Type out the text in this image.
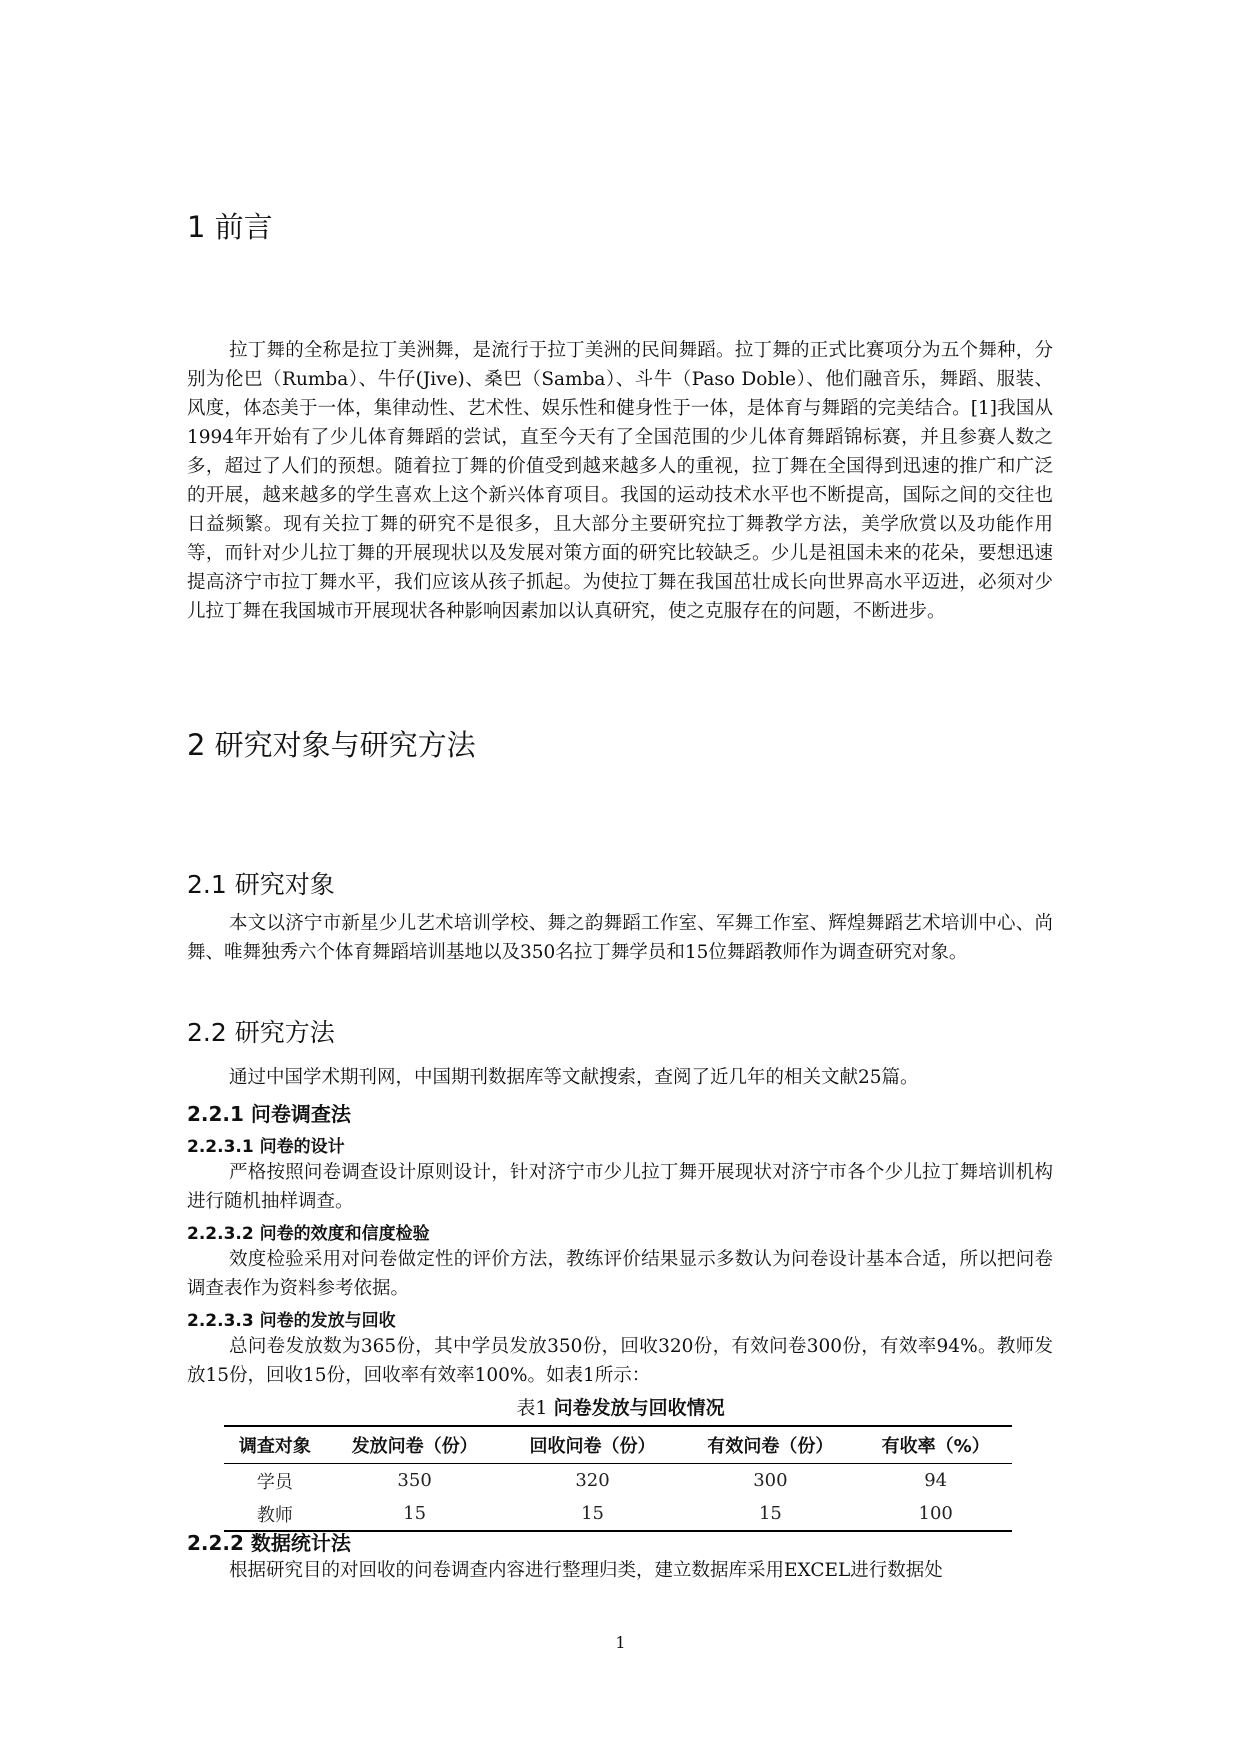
1 前言

拉丁舞的全称是拉丁美洲舞，是流行于拉丁美洲的民间舞蹈。拉丁舞的正式比赛项分为五个舞种，分别为伦巴（Rumba）、牛仔(Jive)、桑巴（Samba）、斗牛（Paso Doble）、他们融音乐，舞蹈、服装、风度，体态美于一体，集律动性、艺术性、娱乐性和健身性于一体，是体育与舞蹈的完美结合。[1]我国从1994年开始有了少儿体育舞蹈的尝试，直至今天有了全国范围的少儿体育舞蹈锦标赛，并且参赛人数之多，超过了人们的预想。随着拉丁舞的价值受到越来越多人的重视，拉丁舞在全国得到迅速的推广和广泛的开展，越来越多的学生喜欢上这个新兴体育项目。我国的运动技术水平也不断提高，国际之间的交往也日益频繁。现有关拉丁舞的研究不是很多，且大部分主要研究拉丁舞教学方法，美学欣赏以及功能作用等，而针对少儿拉丁舞的开展现状以及发展对策方面的研究比较缺乏。少儿是祖国未来的花朵，要想迅速提高济宁市拉丁舞水平，我们应该从孩子抓起。为使拉丁舞在我国茁壮成长向世界高水平迈进，必须对少儿拉丁舞在我国城市开展现状各种影响因素加以认真研究，使之克服存在的问题，不断进步。

2 研究对象与研究方法
2.1 研究对象

本文以济宁市新星少儿艺术培训学校、舞之韵舞蹈工作室、军舞工作室、辉煌舞蹈艺术培训中心、尚舞、唯舞独秀六个体育舞蹈培训基地以及350名拉丁舞学员和15位舞蹈教师作为调查研究对象。

2.2 研究方法

通过中国学术期刊网，中国期刊数据库等文献搜索，查阅了近几年的相关文献25篇。

2.2.1 问卷调查法
2.2.3.1 问卷的设计

严格按照问卷调查设计原则设计，针对济宁市少儿拉丁舞开展现状对济宁市各个少儿拉丁舞培训机构进行随机抽样调查。

2.2.3.2 问卷的效度和信度检验

效度检验采用对问卷做定性的评价方法，教练评价结果显示多数认为问卷设计基本合适，所以把问卷调查表作为资料参考依据。

2.2.3.3 问卷的发放与回收

总问卷发放数为365份，其中学员发放350份，回收320份，有效问卷300份，有效率94%。教师发放15份，回收15份，回收率有效率100%。如表1所示：

表1 问卷发放与回收情况

调查对象	发放问卷（份）	回收问卷（份）	有效问卷（份）	有收率（%）
学员	350	320	300	94
教师	15	15	15	100
2.2.2 数据统计法

根据研究目的对回收的问卷调查内容进行整理归类，建立数据库采用EXCEL进行数据处

1
